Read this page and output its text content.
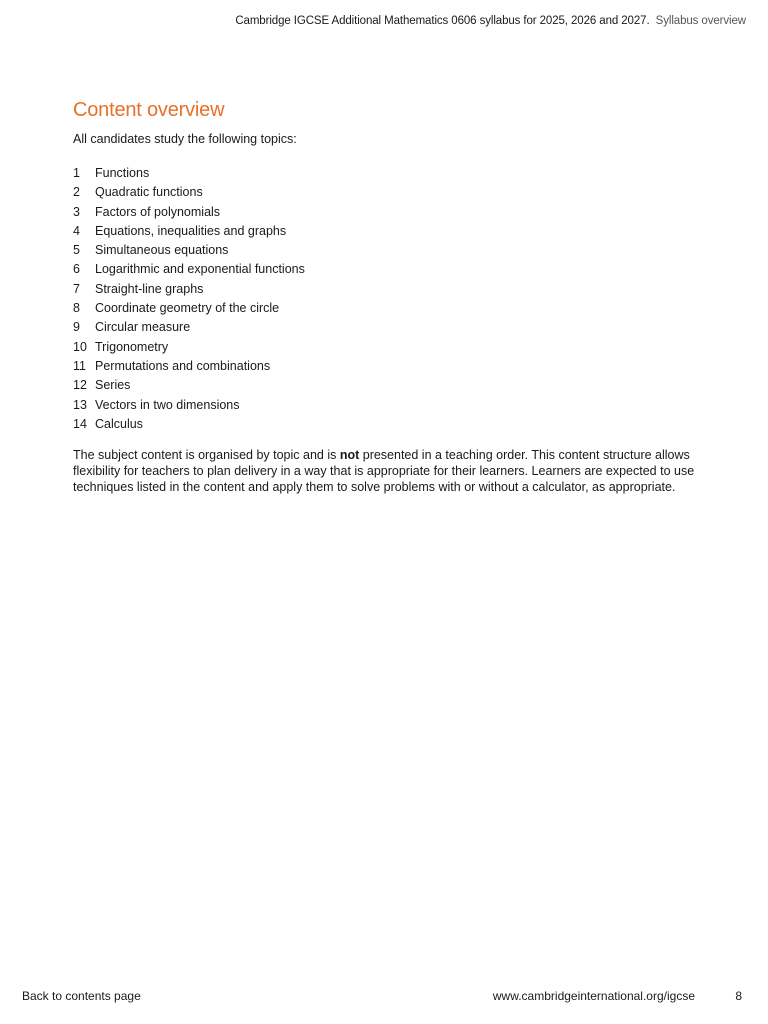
Cambridge IGCSE Additional Mathematics 0606 syllabus for 2025, 2026 and 2027. Syllabus overview
Content overview

All candidates study the following topics:

1	Functions
2	Quadratic functions
3	Factors of polynomials
4	Equations, inequalities and graphs
5	Simultaneous equations
6	Logarithmic and exponential functions
7	Straight-line graphs
8	Coordinate geometry of the circle
9	Circular measure
10 Trigonometry
11 Permutations and combinations
12 Series
13 Vectors in two dimensions
14 Calculus

The subject content is organised by topic and is not presented in a teaching order. This content structure allows flexibility for teachers to plan delivery in a way that is appropriate for their learners. Learners are expected to use techniques listed in the content and apply them to solve problems with or without a calculator, as appropriate.

Back to contents page	www.cambridgeinternational.org/igcse	8
